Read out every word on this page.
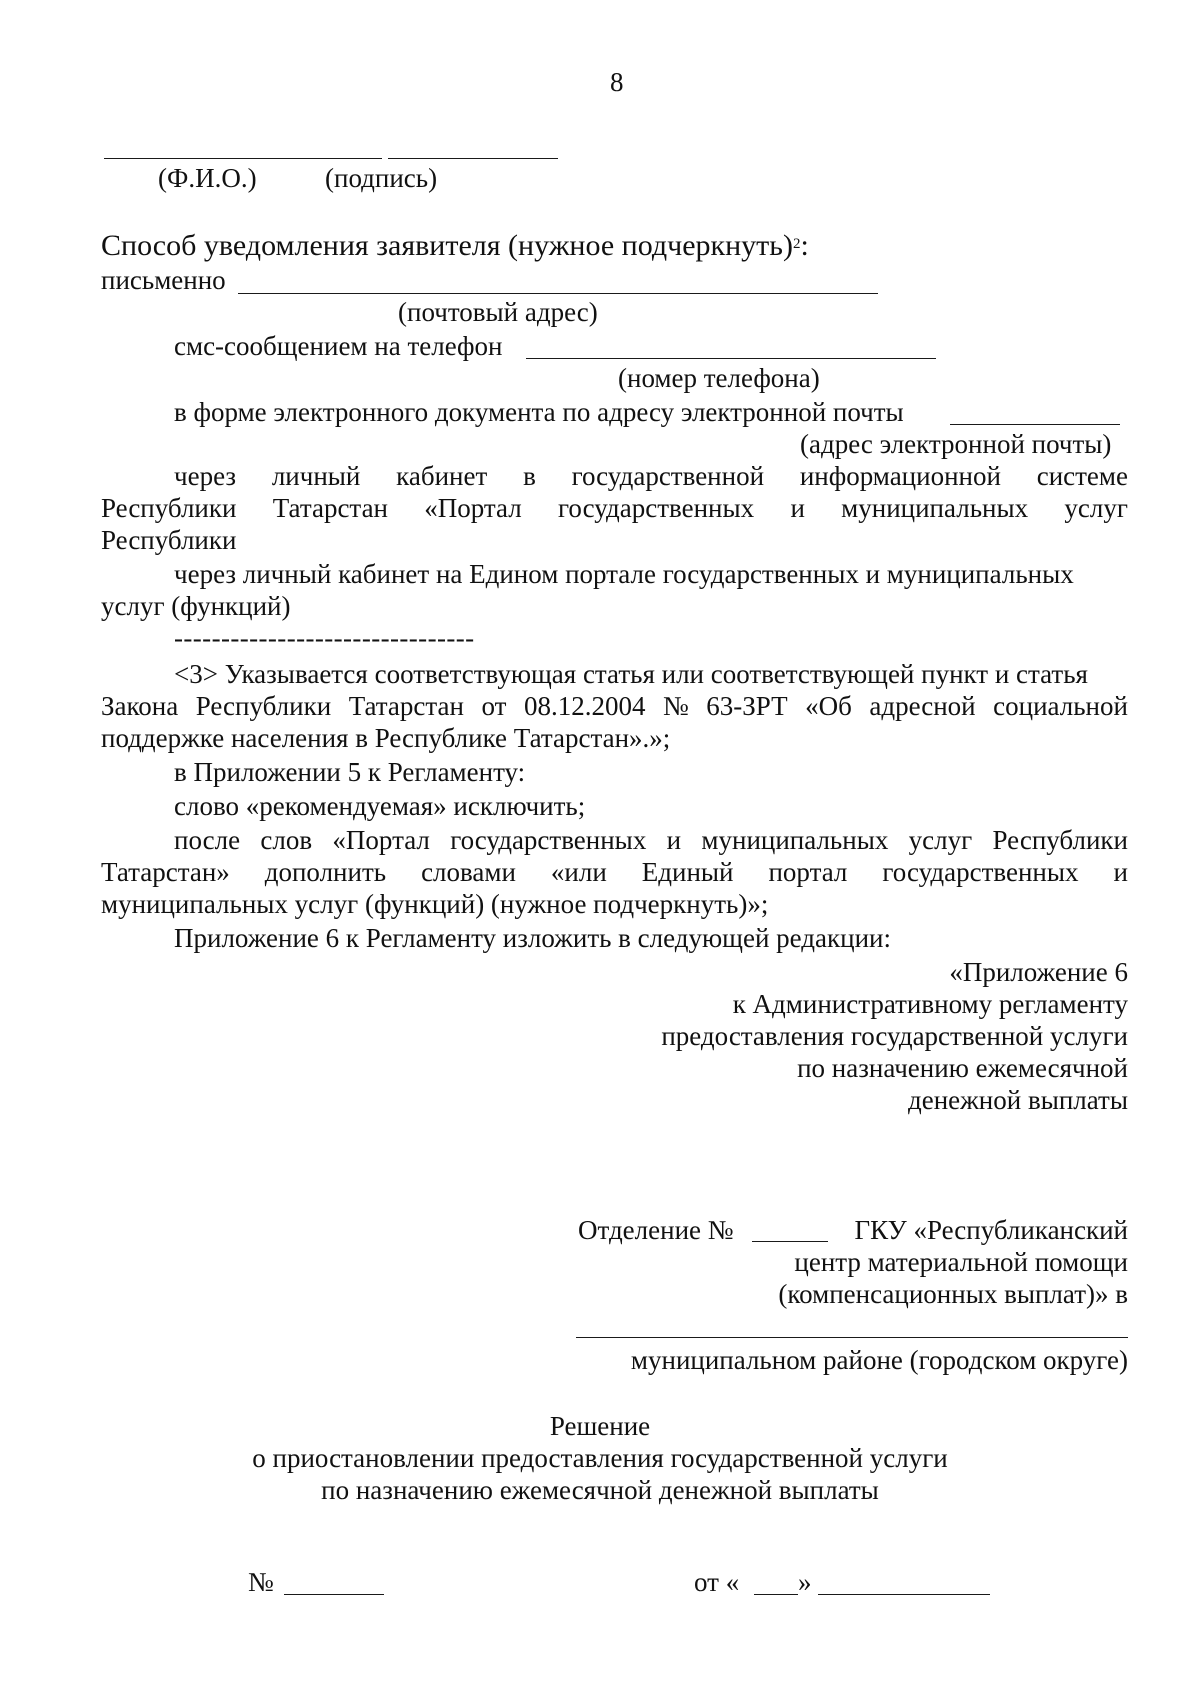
8
(Ф.И.О.)	(подпись)
Способ уведомления заявителя (нужное подчеркнуть)$^2$:
письменно
(почтовый адрес)
смс-сообщением на телефон
(номер телефона)
в форме электронного документа по адресу электронной почты
(адрес электронной почты)
через личный кабинет в государственной информационной системе
Республики Татарстан «Портал государственных и муниципальных услуг
Республики
через личный кабинет на Едином портале государственных и муниципальных
услуг (функций)
--------------------------------
<3> Указывается соответствующая статья или соответствующей пункт и статья
Закона Республики Татарстан от 08.12.2004 № 63-ЗРТ «Об адресной социальной
поддержке населения в Республике Татарстан».»;
в Приложении 5 к Регламенту:
слово «рекомендуемая» исключить;
после слов «Портал государственных и муниципальных услуг Республики
Татарстан» дополнить словами «или Единый портал государственных и
муниципальных услуг (функций) (нужное подчеркнуть)»;
Приложение 6 к Регламенту изложить в следующей редакции:
«Приложение 6
к Административному регламенту
предоставления государственной услуги
по назначению ежемесячной
денежной выплаты
Отделение №	ГКУ «Республиканский
центр материальной помощи
(компенсационных выплат)» в
муниципальном районе (городском округе)
Решение
о приостановлении предоставления государственной услуги
по назначению ежемесячной денежной выплаты
№	от « »
